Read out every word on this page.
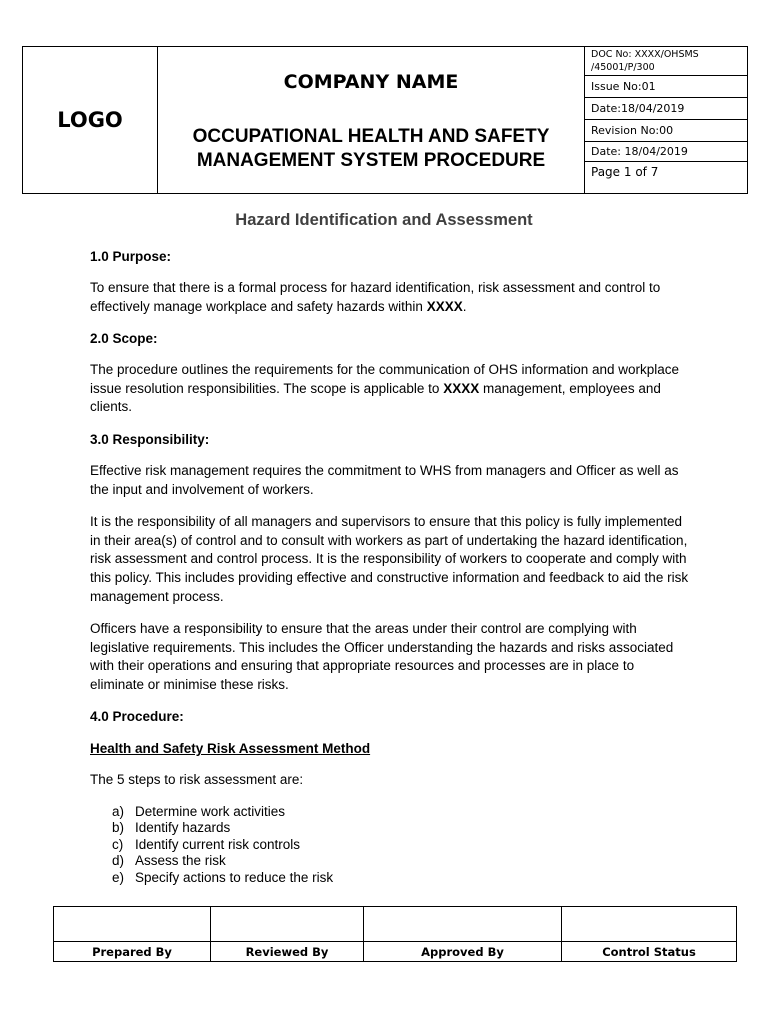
LOGO
COMPANY NAME
OCCUPATIONAL HEALTH AND SAFETY
MANAGEMENT SYSTEM PROCEDURE
DOC No: XXXX/OHSMS
/45001/P/300
Issue No:01
Date:18/04/2019
Revision No:00
Date: 18/04/2019
Page 1 of 7
Hazard Identification and Assessment

1.0 Purpose:

To ensure that there is a formal process for hazard identification, risk assessment and control to effectively manage workplace and safety hazards within XXXX.

2.0 Scope:

The procedure outlines the requirements for the communication of OHS information and workplace issue resolution responsibilities. The scope is applicable to XXXX management, employees and clients.

3.0 Responsibility:

Effective risk management requires the commitment to WHS from managers and Officer as well as the input and involvement of workers.

It is the responsibility of all managers and supervisors to ensure that this policy is fully implemented in their area(s) of control and to consult with workers as part of undertaking the hazard identification, risk assessment and control process. It is the responsibility of workers to cooperate and comply with this policy. This includes providing effective and constructive information and feedback to aid the risk management process.

Officers have a responsibility to ensure that the areas under their control are complying with legislative requirements. This includes the Officer understanding the hazards and risks associated with their operations and ensuring that appropriate resources and processes are in place to eliminate or minimise these risks.

4.0 Procedure:

Health and Safety Risk Assessment Method

The 5 steps to risk assessment are:

a) Determine work activities
b) Identify hazards
c) Identify current risk controls
d) Assess the risk
e) Specify actions to reduce the risk

Prepared By	Reviewed By	Approved By	Control Status
